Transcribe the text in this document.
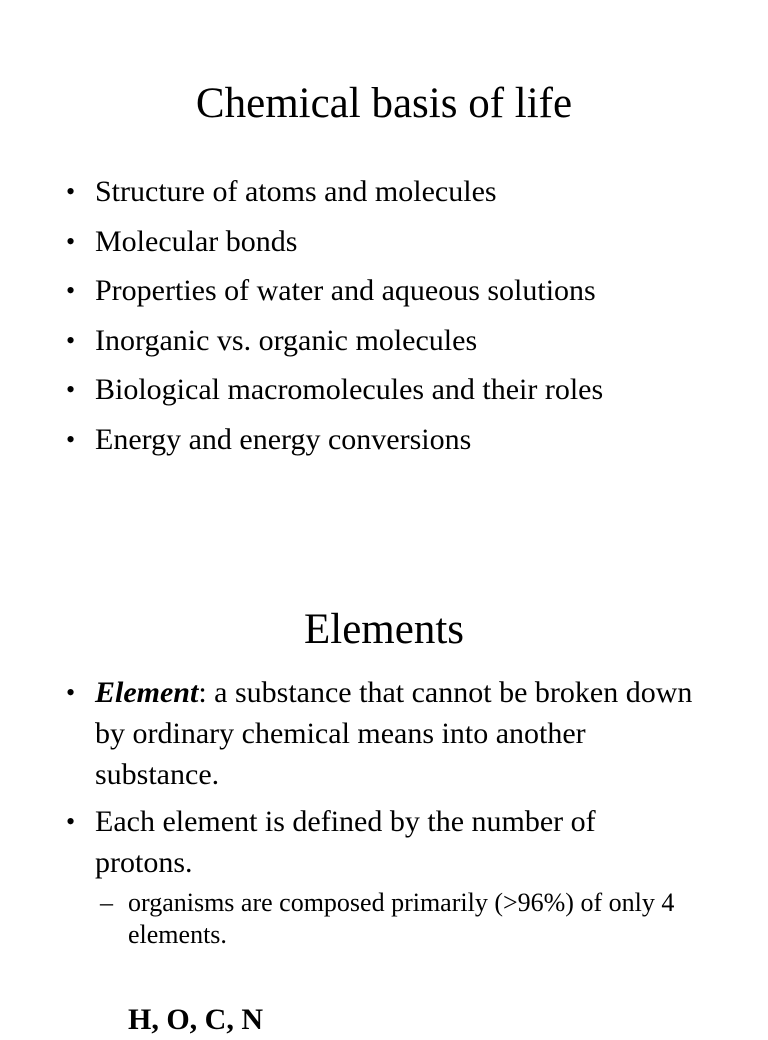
Chemical basis of life
• Structure of atoms and molecules
• Molecular bonds
• Properties of water and aqueous solutions
• Inorganic vs. organic molecules
• Biological macromolecules and their roles
• Energy and energy conversions
Elements
• Element: a substance that cannot be broken down by ordinary chemical means into another substance.
• Each element is defined by the number of protons.
– organisms are composed primarily (>96%) of only 4 elements.
H, O, C, N
